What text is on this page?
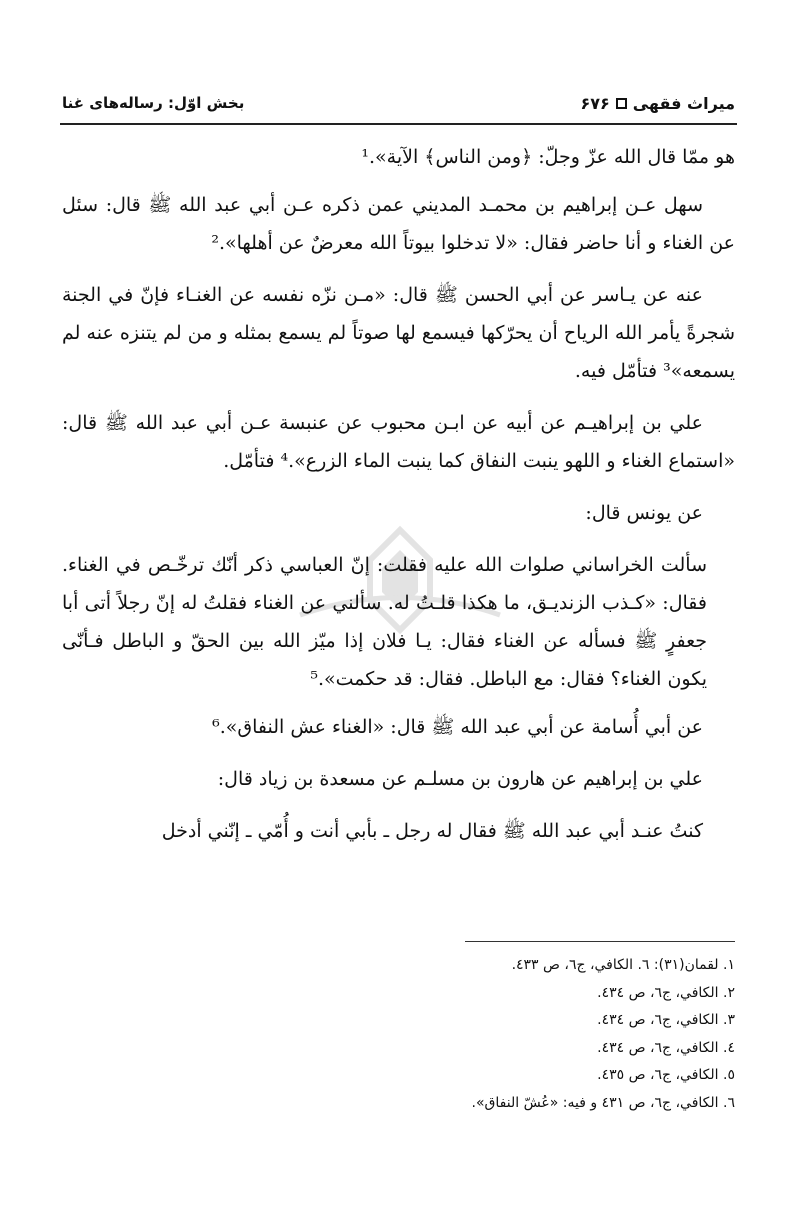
بخش اوّل: رساله‌های غنا	میراث فقهی
۶۷۶

هو ممّا قال الله عزّ وجلّ: ﴿ومن الناس﴾ الآية».¹

سهل عـن إبراهيم بن محمـد المديني عمن ذكره عـن أبي عبد الله ﷺ قال: سئل عن الغناء و أنا حاضر فقال: «لا تدخلوا بيوتاً الله معرضٌ عن أهلها».²

عنه عن يـاسر عن أبي الحسن ﷺ قال: «مـن نزّه نفسه عن الغنـاء فإنّ في الجنة شجرةً يأمر الله الرياح أن يحرّكها فيسمع لها صوتاً لم يسمع بمثله و من لم يتنزه عنه لم يسمعه»³ فتأمّل فيه.

علي بن إبراهيـم عن أبيه عن ابـن محبوب عن عنبسة عـن أبي عبد الله ﷺ قال: «استماع الغناء و اللهو ينبت النفاق كما ينبت الماء الزرع».⁴ فتأمّل.

عن يونس قال:

سألت الخراساني صلوات الله عليه فقلت: إنّ العباسي ذكر أنّك ترخّـص في الغناء. فقال: «كـذب الزنديـق، ما هكذا قلـتُ له. سألني عن الغناء فقلتُ له إنّ رجلاً أتى أبا جعفرٍ ﷺ فسأله عن الغناء فقال: يـا فلان إذا ميّز الله بين الحقّ و الباطل فـأنّى يكون الغناء؟ فقال: مع الباطل. فقال: قد حكمت».⁵

عن أبي أُسامة عن أبي عبد الله ﷺ قال: «الغناء عش النفاق».⁶

علي بن إبراهيم عن هارون بن مسلـم عن مسعدة بن زياد قال:

كنتُ عنـد أبي عبد الله ﷺ فقال له رجل ـ بأبي أنت و أُمّي ـ إنّني أدخل

١. لقمان(٣١): ٦. الكافي، ج٦، ص ٤٣٣.
٢. الكافي، ج٦، ص ٤٣٤.
٣. الكافي، ج٦، ص ٤٣٤.
٤. الكافي، ج٦، ص ٤٣٤.
٥. الكافي، ج٦، ص ٤٣٥.
٦. الكافي، ج٦، ص ٤٣١ و فيه: «عُشّ النفاق».
